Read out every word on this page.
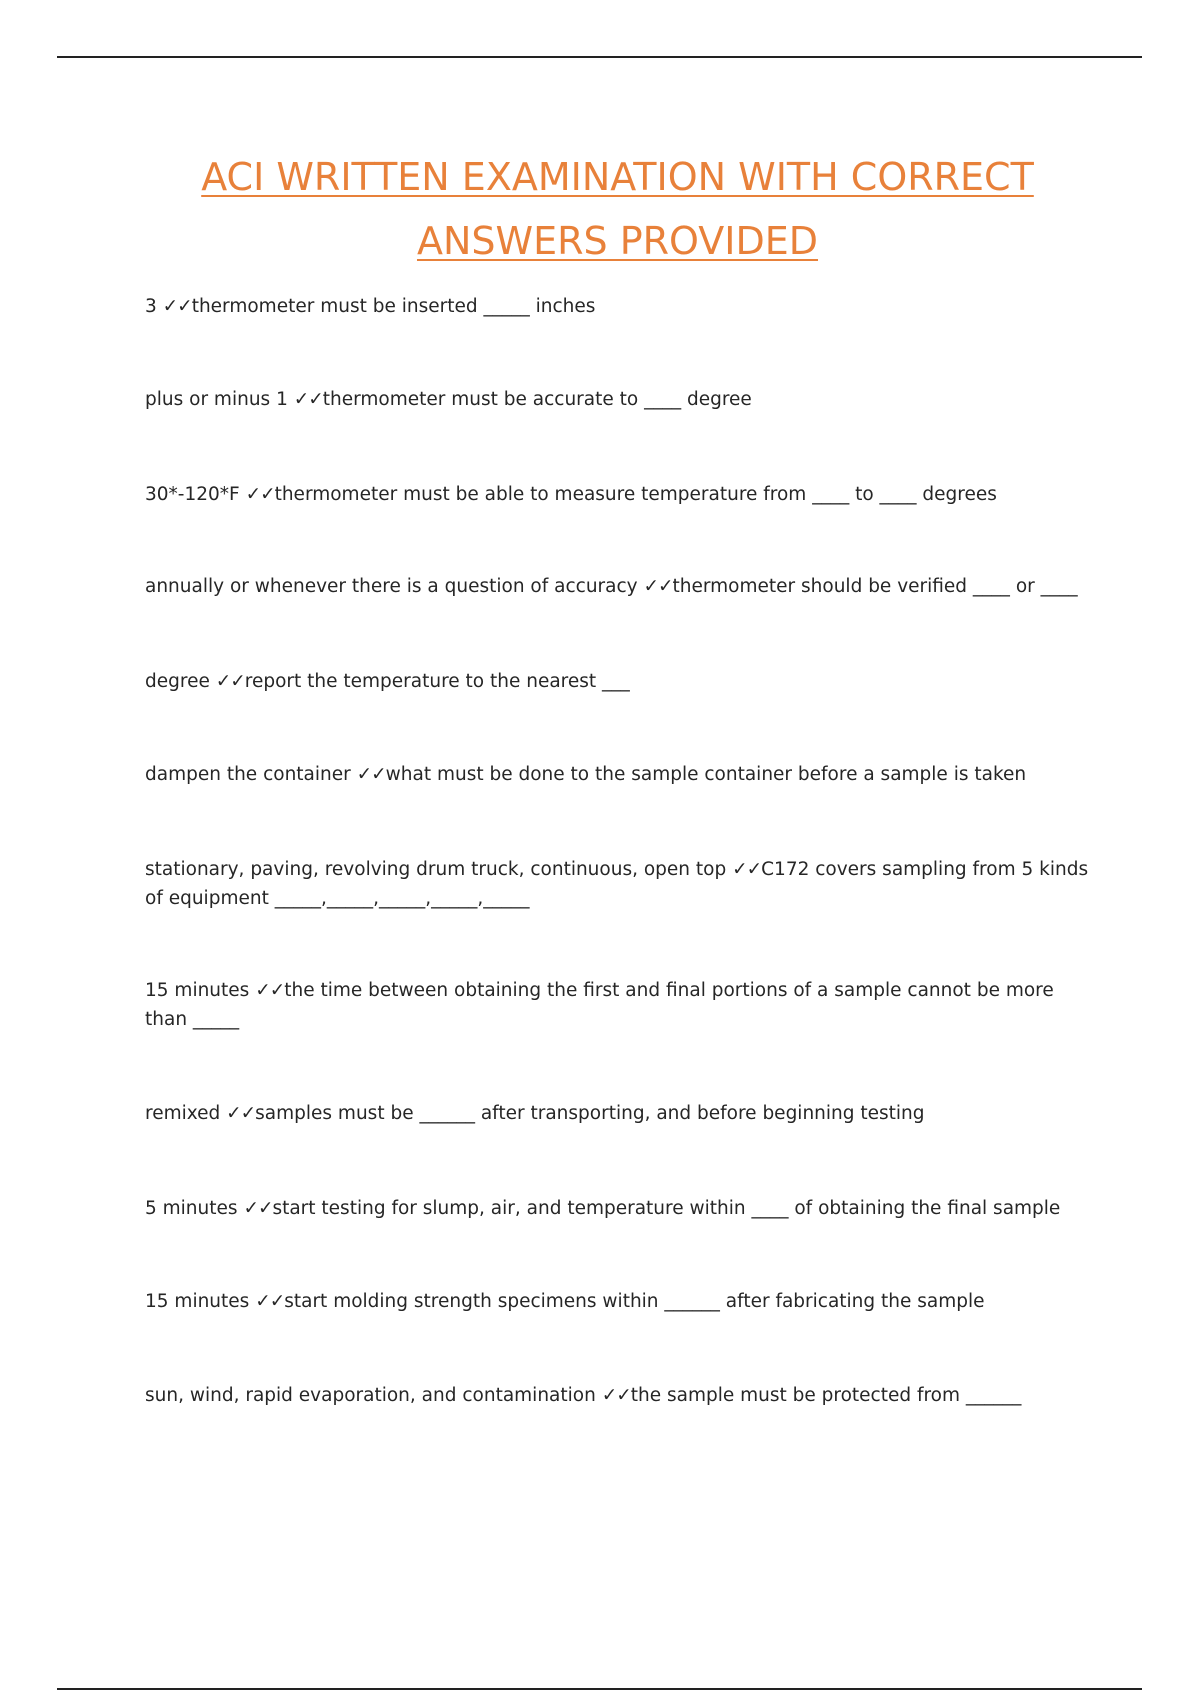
ACI WRITTEN EXAMINATION WITH CORRECT ANSWERS PROVIDED

3 ✓✓thermometer must be inserted _____ inches

plus or minus 1 ✓✓thermometer must be accurate to ____ degree

30*-120*F ✓✓thermometer must be able to measure temperature from ____ to ____ degrees

annually or whenever there is a question of accuracy ✓✓thermometer should be verified ____ or ____

degree ✓✓report the temperature to the nearest ___

dampen the container ✓✓what must be done to the sample container before a sample is taken

stationary, paving, revolving drum truck, continuous, open top ✓✓C172 covers sampling from 5 kinds of equipment _____,_____,_____,_____,_____

15 minutes ✓✓the time between obtaining the first and final portions of a sample cannot be more than _____

remixed ✓✓samples must be ______ after transporting, and before beginning testing

5 minutes ✓✓start testing for slump, air, and temperature within ____ of obtaining the final sample

15 minutes ✓✓start molding strength specimens within ______ after fabricating the sample

sun, wind, rapid evaporation, and contamination ✓✓the sample must be protected from ______
